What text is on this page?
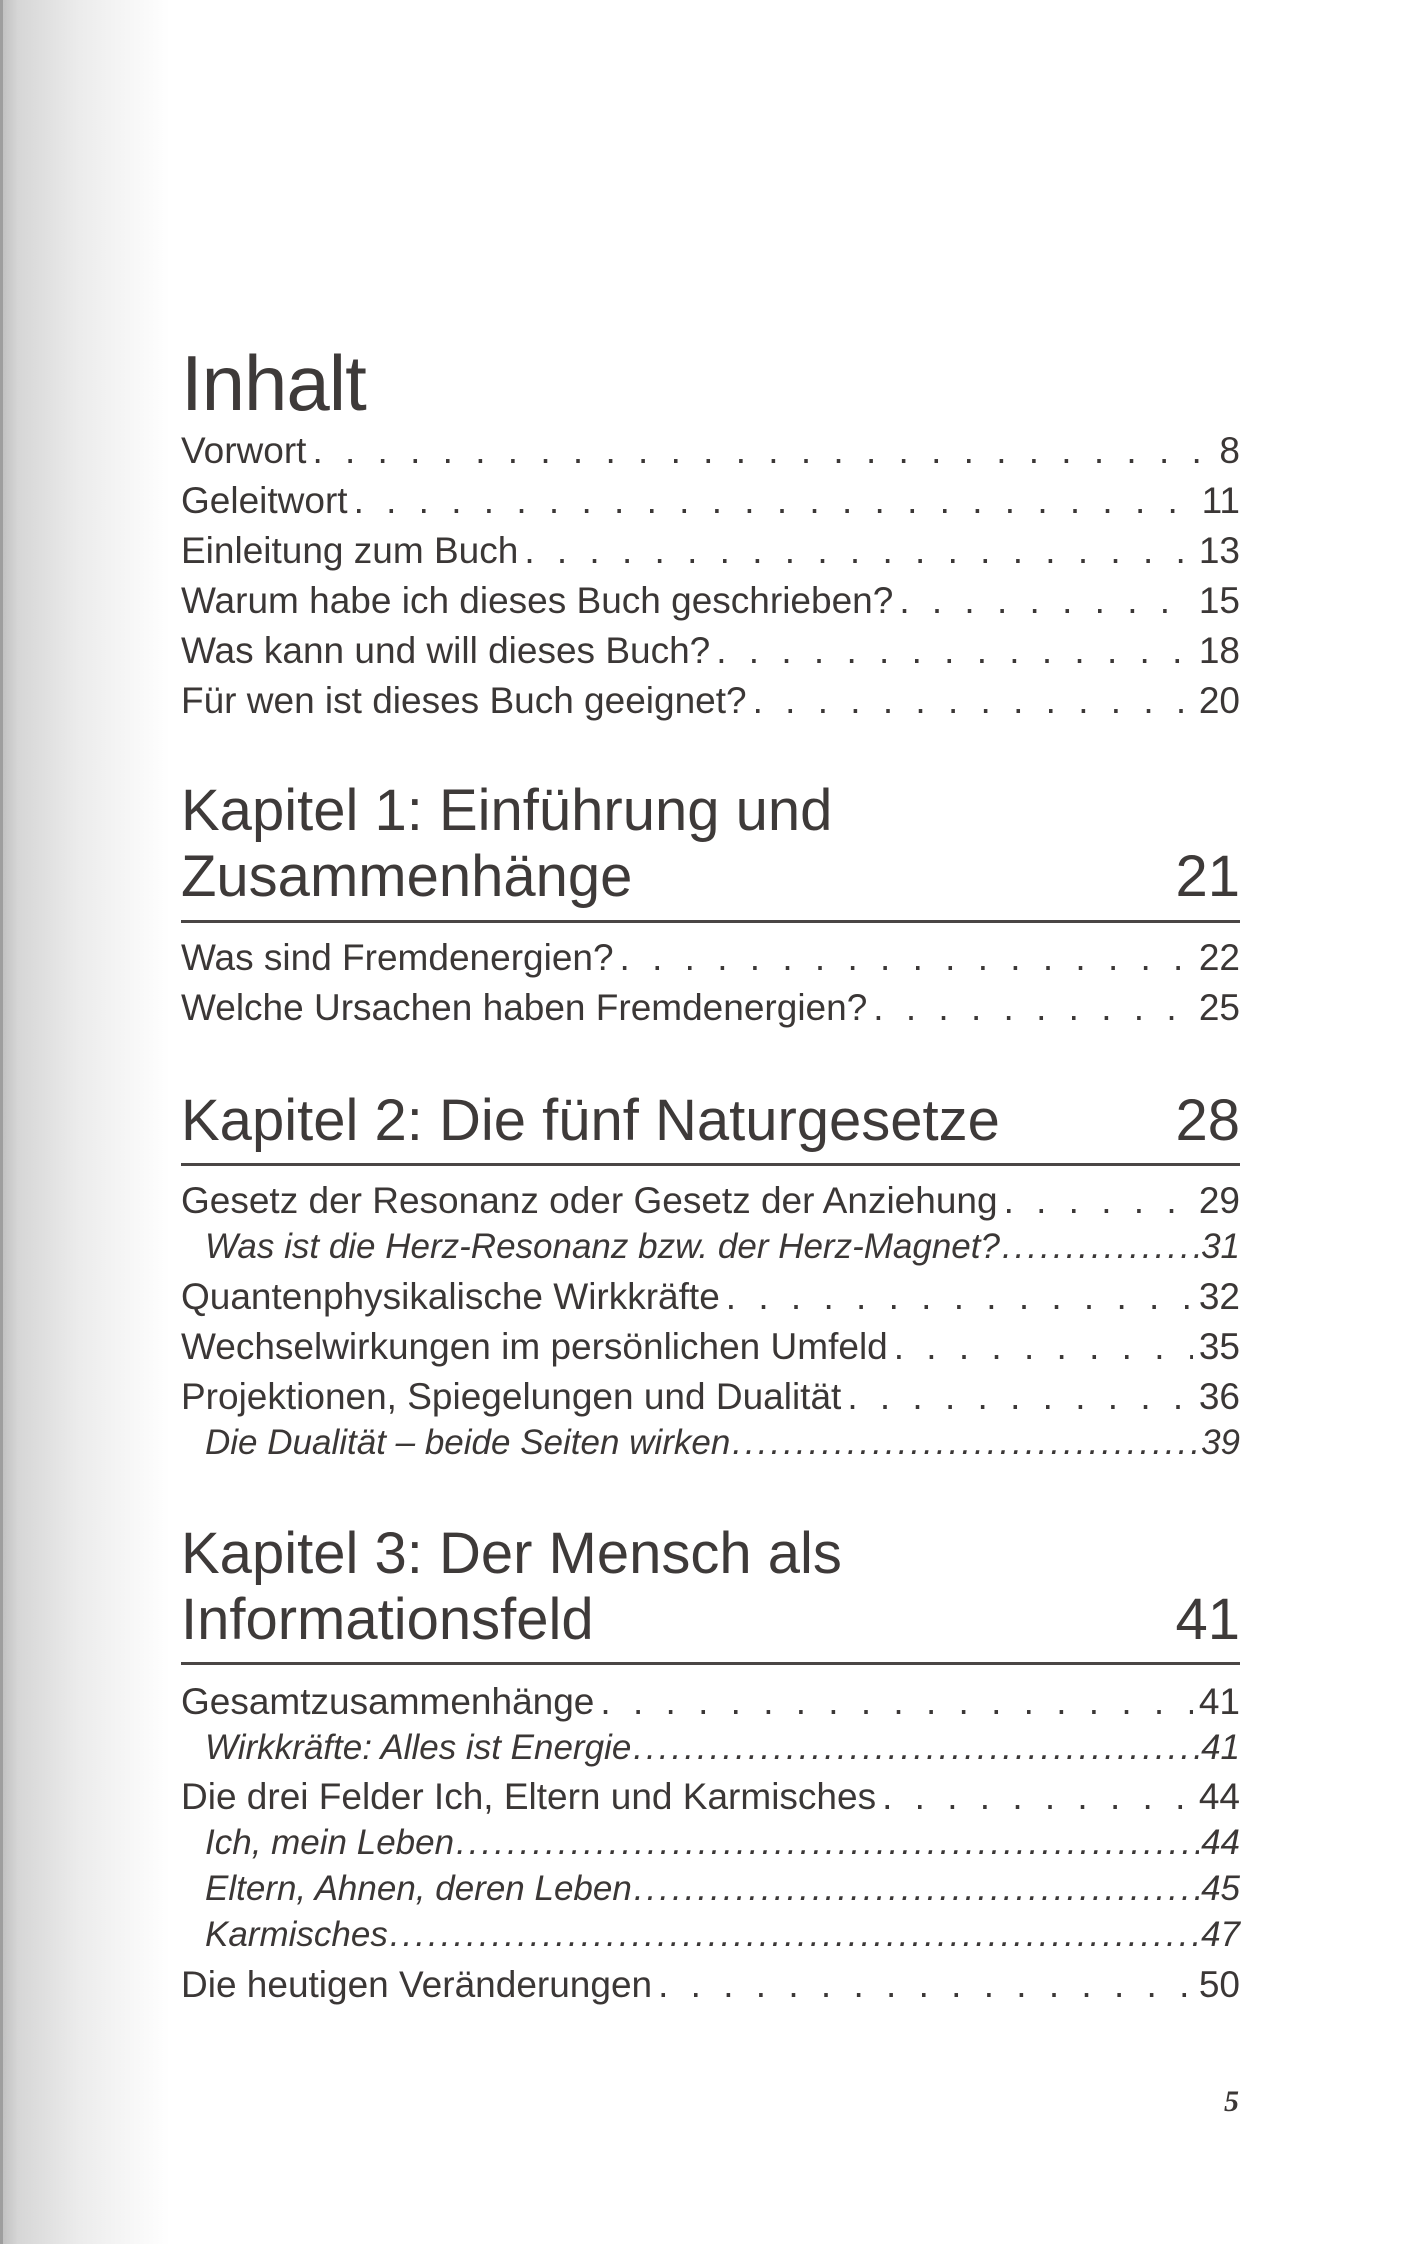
Inhalt
Vorwort . . .	8
Geleitwort . . .	11
Einleitung zum Buch . . .	13
Warum habe ich dieses Buch geschrieben? . . .	15
Was kann und will dieses Buch? . . .	18
Für wen ist dieses Buch geeignet? . . .	20
Kapitel 1: Einführung und
Zusammenhänge	21
Was sind Fremdenergien? . . .	22
Welche Ursachen haben Fremdenergien? . . .	25
Kapitel 2: Die fünf Naturgesetze	28
Gesetz der Resonanz oder Gesetz der Anziehung . . .	29
Was ist die Herz-Resonanz bzw. der Herz-Magnet? .....	31
Quantenphysikalische Wirkkräfte . . .	32
Wechselwirkungen im persönlichen Umfeld . . .	35
Projektionen, Spiegelungen und Dualität . . .	36
Die Dualität – beide Seiten wirken .....	39
Kapitel 3: Der Mensch als
Informationsfeld	41
Gesamtzusammenhänge . . .	41
Wirkkräfte: Alles ist Energie .....	41
Die drei Felder Ich, Eltern und Karmisches . . .	44
Ich, mein Leben .....	44
Eltern, Ahnen, deren Leben .....	45
Karmisches .....	47
Die heutigen Veränderungen . . .	50
5
